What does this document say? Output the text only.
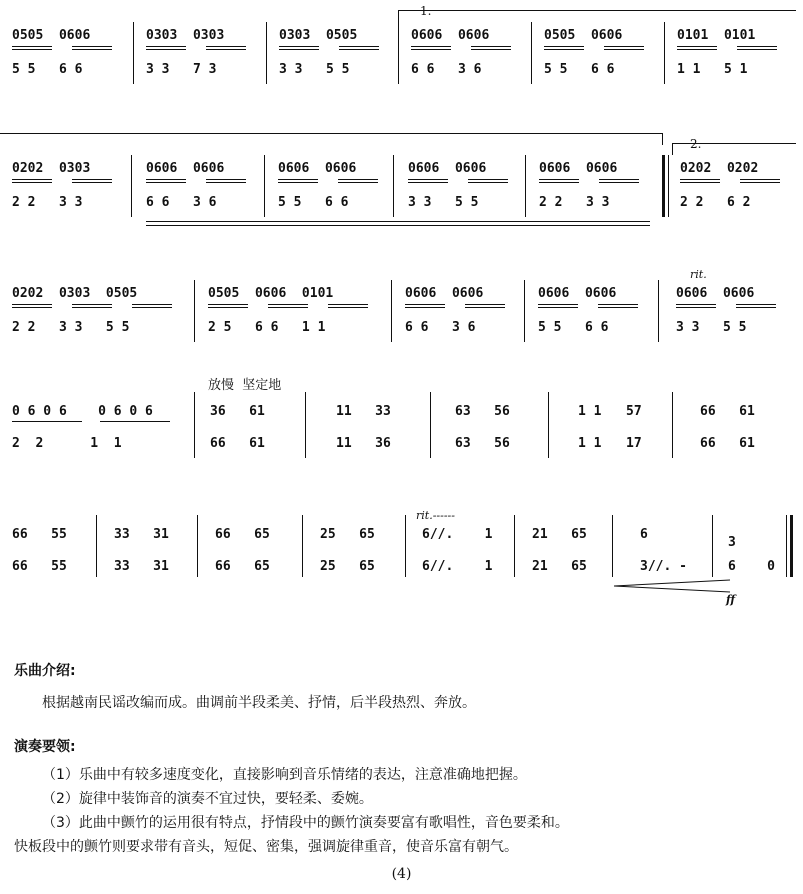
1.
0505  0606
5 5   6 6
0303  0303
3 3   7 3
0303  0505
3 3   5 5
0606  0606
6 6   3 6
0505  0606
5 5   6 6
0101  0101
1 1   5 1
2.
0202  0303
2 2   3 3
0606  0606
6 6   3 6
0606  0606
5 5   6 6
0606  0606
3 3   5 5
0606  0606
2 2   3 3
0202  0202
2 2   6 2
rit.
0202  0303  0505
2 2   3 3   5 5
0505  0606  0101
2 5   6 6   1 1
0606  0606
6 6   3 6
0606  0606
5 5   6 6
0606  0606
3 3   5 5
放慢  坚定地
0 6 0 6    0 6 0 6
2  2      1  1
36   61
66   61
11   33
11   36
63   56
63   56
1 1
1 1
57
17
66   61
66   61
rit.------
66   55
66   55
33   31
33   31
66   65
66   65
25   65
25   65
6//.    1
6//.    1
21   65
21   65
6
3//. -
3
6    0
ff
乐曲介绍:
根据越南民谣改编而成。曲调前半段柔美、抒情，后半段热烈、奔放。
演奏要领:
（1）乐曲中有较多速度变化，直接影响到音乐情绪的表达，注意准确地把握。
（2）旋律中装饰音的演奏不宜过快，要轻柔、委婉。
（3）此曲中颤竹的运用很有特点，抒情段中的颤竹演奏要富有歌唱性，音色要柔和。
快板段中的颤竹则要求带有音头，短促、密集，强调旋律重音，使音乐富有朝气。
(4)
